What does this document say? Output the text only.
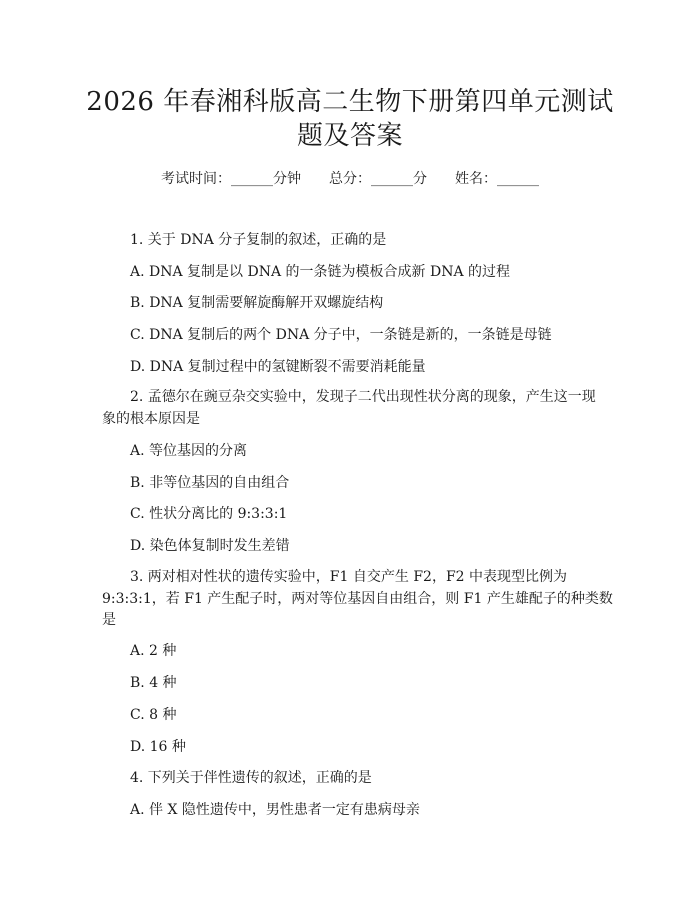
2026 年春湘科版高二生物下册第四单元测试
题及答案
考试时间：______分钟　　总分：______分　　姓名：______
1. 关于 DNA 分子复制的叙述，正确的是
A. DNA 复制是以 DNA 的一条链为模板合成新 DNA 的过程
B. DNA 复制需要解旋酶解开双螺旋结构
C. DNA 复制后的两个 DNA 分子中，一条链是新的，一条链是母链
D. DNA 复制过程中的氢键断裂不需要消耗能量
2. 孟德尔在豌豆杂交实验中，发现子二代出现性状分离的现象，产生这一现
象的根本原因是
A. 等位基因的分离
B. 非等位基因的自由组合
C. 性状分离比的 9:3:3:1
D. 染色体复制时发生差错
3. 两对相对性状的遗传实验中，F1 自交产生 F2，F2 中表现型比例为
9:3:3:1，若 F1 产生配子时，两对等位基因自由组合，则 F1 产生雄配子的种类数
是
A. 2 种
B. 4 种
C. 8 种
D. 16 种
4. 下列关于伴性遗传的叙述，正确的是
A. 伴 X 隐性遗传中，男性患者一定有患病母亲
